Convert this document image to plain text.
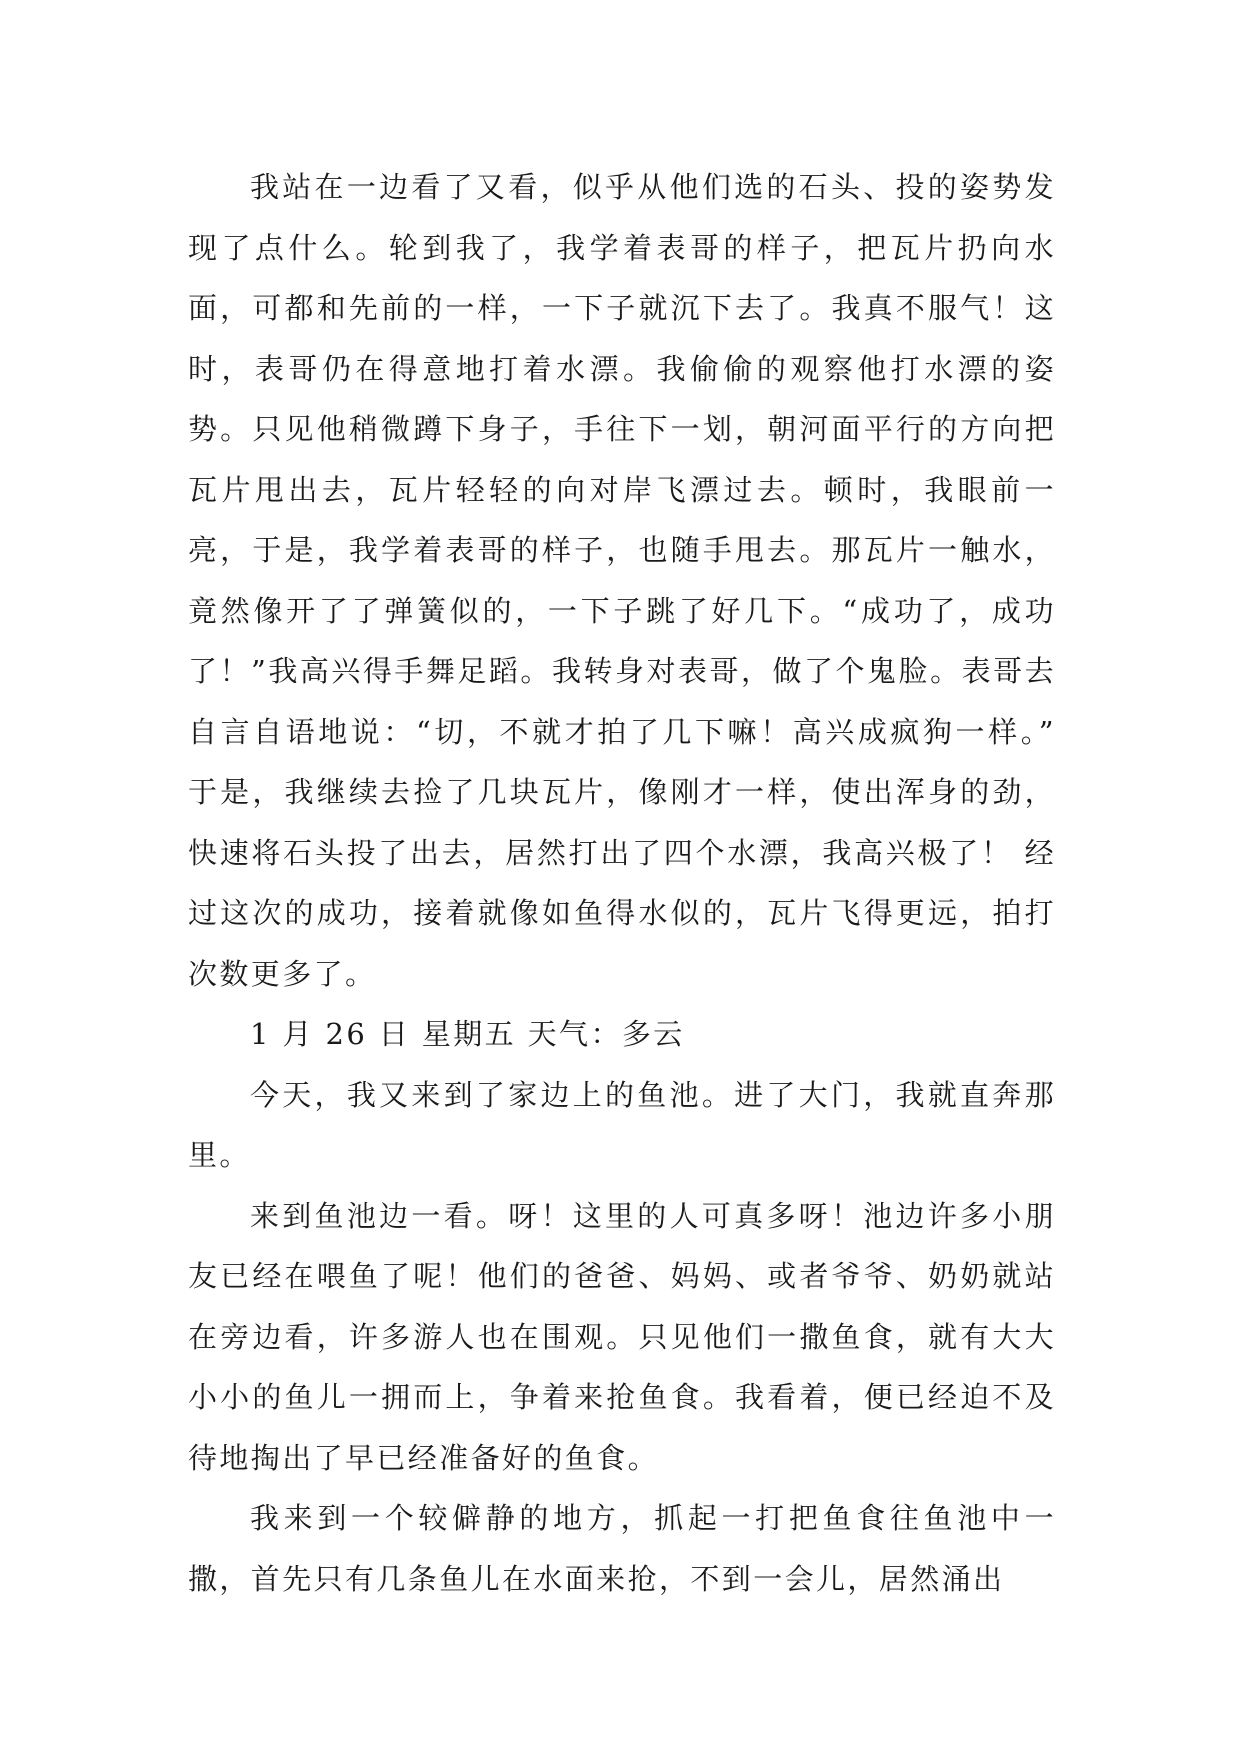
我站在一边看了又看，似乎从他们选的石头、投的姿势发现了点什么。轮到我了，我学着表哥的样子，把瓦片扔向水面，可都和先前的一样，一下子就沉下去了。我真不服气！这时，表哥仍在得意地打着水漂。我偷偷的观察他打水漂的姿势。只见他稍微蹲下身子，手往下一划，朝河面平行的方向把瓦片甩出去，瓦片轻轻的向对岸飞漂过去。顿时，我眼前一亮，于是，我学着表哥的样子，也随手甩去。那瓦片一触水，竟然像开了了弹簧似的，一下子跳了好几下。“成功了，成功了！”我高兴得手舞足蹈。我转身对表哥，做了个鬼脸。表哥去自言自语地说：“切，不就才拍了几下嘛！高兴成疯狗一样。” 于是，我继续去捡了几块瓦片，像刚才一样，使出浑身的劲，快速将石头投了出去，居然打出了四个水漂，我高兴极了！ 经过这次的成功，接着就像如鱼得水似的，瓦片飞得更远，拍打次数更多了。

1 月 26 日 星期五 天气：多云

今天，我又来到了家边上的鱼池。进了大门，我就直奔那里。

来到鱼池边一看。呀！这里的人可真多呀！池边许多小朋友已经在喂鱼了呢！他们的爸爸、妈妈、或者爷爷、奶奶就站在旁边看，许多游人也在围观。只见他们一撒鱼食，就有大大小小的鱼儿一拥而上，争着来抢鱼食。我看着，便已经迫不及待地掏出了早已经准备好的鱼食。

我来到一个较僻静的地方，抓起一打把鱼食往鱼池中一撒，首先只有几条鱼儿在水面来抢，不到一会儿，居然涌出
